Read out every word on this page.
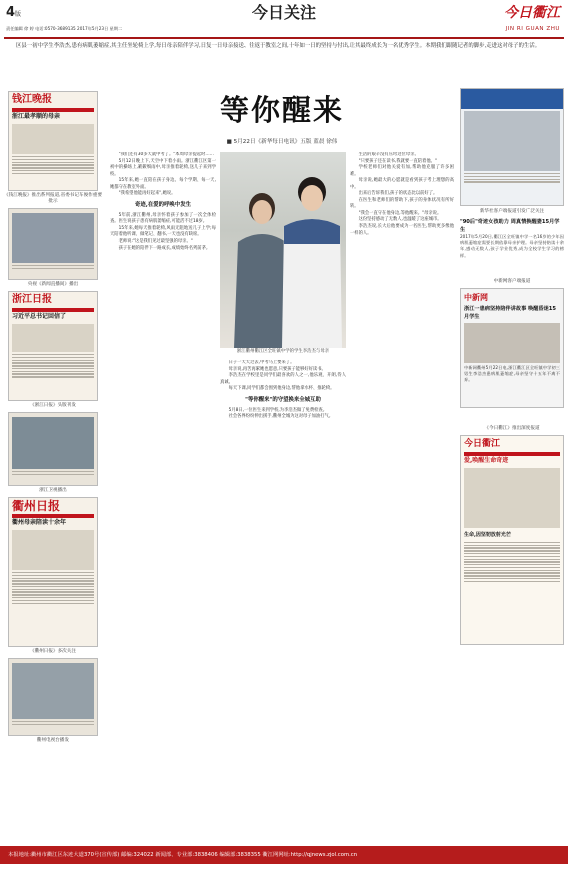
4版
责任编辑 徐 婷 电话:0570-3689135 2017年5月23日 星期二
今日关注	今日衢江
JIN RI GUAN ZHU
区县一初中学生李浩杰,患有病肌萎缩症,其主任坐轮椅上学,每日母亲陪伴学习,日复一日母亲接送、往返于教室之间,十年如一日的坚持与付出,让其最终成长为一名优秀学生。本期我们跟随记者的脚步,走进这对母子的生活。
钱江晚报
浙江最孝顺的母亲
《钱江晚报》推出系列报道,省委书记车俊作重要批示
央视《新闻直播间》播出
浙江日报
习近平总书记回信了
《浙江日报》头版刊发
浙江卫视播出
衢州日报
衢州母亲陪读十余年
《衢州日报》多次关注
衢州电视台播发
等你醒来
■ 5月22日《新华每日电讯》五版 蓝晨 徐伟

"我们还有30多天就中考了。"本周母亲提起时……

5月12日晚上下,天空中下着小雨。浙江衢江区第一初中的操场上,簌簌细雨中,母亲推着轮椅,送儿子来到学校。

15年来,她一直陪在孩子身边。每个学期、每一天,她都守在教室外面。

"我希望他能再好起来",她说。

奇迹,在爱的呼唤中发生

5年前,浙江衢州,母亲怀着孩子参加了一次全体检查。医生说孩子患有病肌萎缩症,可能活不过18岁。

15年来,她每天推着轮椅,风雨无阻地送儿子上学;每天陪着他听课、做笔记、翻书,一天也没有缺席。

老师说:"这是我们见过最坚强的母亲。"

孩子在她的陪伴下一路成长,成绩始终名列前茅。

浙江衢州衢江区全旺镇中学的学生李浩杰与母亲

日子一天天过去,中考马上要来了。

母亲说,再苦再累她也愿意,只要孩子能够好好读书。

李浩杰在学校里是同学们最喜欢的人之一,他乐观、开朗,待人真诚。

每天下课,同学们都会围到他身边,帮他拿水杯、推轮椅。

"等你醒来"的守望换来全城互助

5月8日,一位医生来到学校,为李浩杰做了免费检查。

社会各界纷纷伸出援手,衢州全城为这对母子加油打气。

生活的艰辛没有压垮这位母亲。

"只要孩子还在读书,我就要一直陪着他。"

学校老师们对他关爱有加,帮助他克服了许多困难。

母亲说,她最大的心愿就是看到孩子考上理想的高中。

出来后告诉我们,孩子的状态比以前好了。

在医生和老师们的帮助下,孩子的身体状况有所好转。

"我会一直守在他身边,等他醒来。"母亲说。

这份坚持感动了无数人,也温暖了这座城市。

李浩杰说,长大后他要成为一名医生,帮助更多像他一样的人。

新华社客户端报道引发广泛关注
"90后"奇迹女孩助力 周真情换醒妻15月学生
2017年5月20日,衢江区全旺镇中学一名16岁的少年因病肌萎缩症需要长期依靠母亲护理。母亲坚持陪读十余年,感动无数人,孩子学业优秀,成为全校学生学习的榜样。
中新网客户端报道
中新网
浙江一患病坚持陪伴讲故事 唤醒昏迷15月学生
中新网衢州5月22日电,浙江衢江区全旺镇中学初三男生李浩杰患病肌萎缩症,母亲坚守十五年不离不弃。
《今日衢江》推出深度报道
今日衢江
爱,唤醒生命奇迹
生命,因坚韧放射光芒
本报地址:衢州市衢江区东迹大道370号(宣传部) 邮编:324022 新闻部、专业部:3838406 编辑部:3838355 衢江网网址:http://qjnews.zjol.com.cn
